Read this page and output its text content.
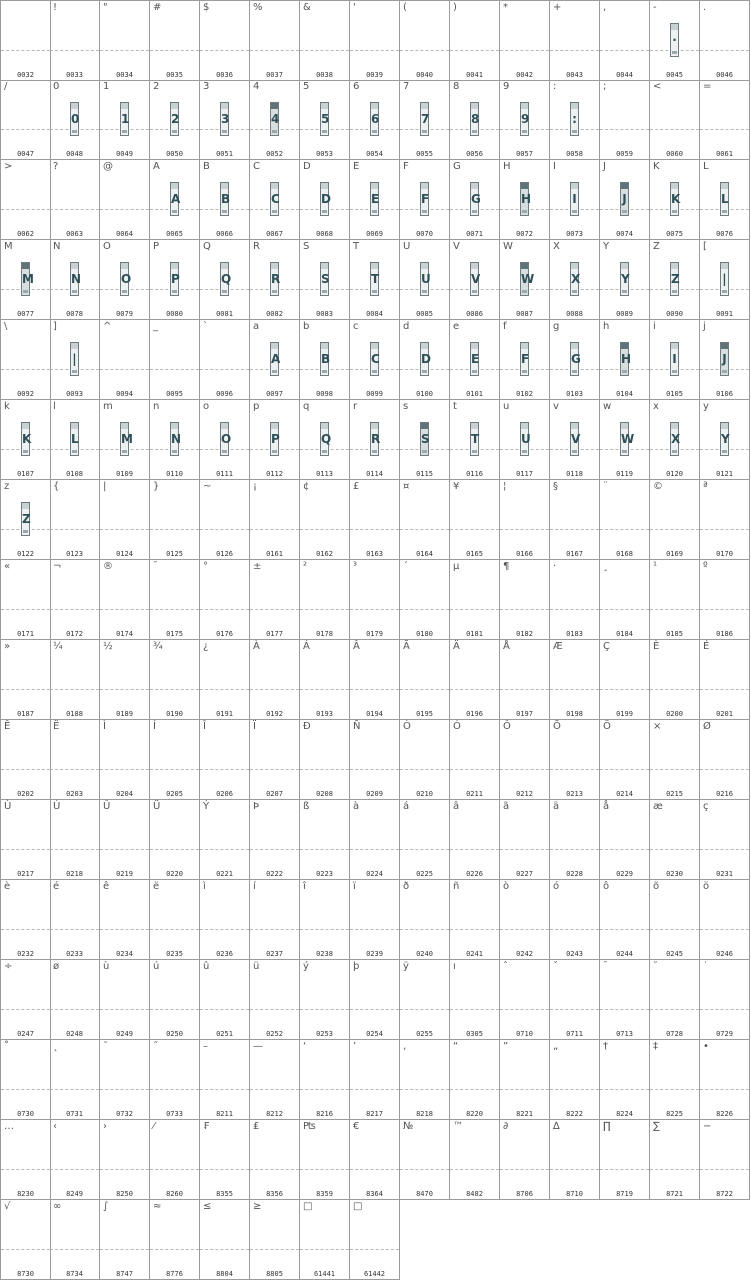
0032
!
0033
"
0034
#
0035
$
0036
%
0037
&
0038
'
0039
(
0040
)
0041
*
0042
+
0043
,
0044
-
·
0045
.
0046
/
0047
0
0
0048
1
1
0049
2
2
0050
3
3
0051
4
4
0052
5
5
0053
6
6
0054
7
7
0055
8
8
0056
9
9
0057
:
:
0058
;
0059
<
0060
=
0061
>
0062
?
0063
@
0064
A
A
0065
B
B
0066
C
C
0067
D
D
0068
E
E
0069
F
F
0070
G
G
0071
H
H
0072
I
I
0073
J
J
0074
K
K
0075
L
L
0076
M
M
0077
N
N
0078
O
O
0079
P
P
0080
Q
Q
0081
R
R
0082
S
S
0083
T
T
0084
U
U
0085
V
V
0086
W
W
0087
X
X
0088
Y
Y
0089
Z
Z
0090
[
|
0091
\
0092
]
|
0093
^
0094
_
0095
`
0096
a
A
0097
b
B
0098
c
C
0099
d
D
0100
e
E
0101
f
F
0102
g
G
0103
h
H
0104
i
I
0105
j
J
0106
k
K
0107
l
L
0108
m
M
0109
n
N
0110
o
O
0111
p
P
0112
q
Q
0113
r
R
0114
s
S
0115
t
T
0116
u
U
0117
v
V
0118
w
W
0119
x
X
0120
y
Y
0121
z
Z
0122
{
0123
|
0124
}
0125
~
0126
¡
0161
¢
0162
£
0163
¤
0164
¥
0165
¦
0166
§
0167
¨
0168
©
0169
ª
0170
«
0171
¬
0172
®
0174
¯
0175
°
0176
±
0177
²
0178
³
0179
´
0180
µ
0181
¶
0182
·
0183
¸
0184
¹
0185
º
0186
»
0187
¼
0188
½
0189
¾
0190
¿
0191
À
0192
Á
0193
Â
0194
Ã
0195
Ä
0196
Å
0197
Æ
0198
Ç
0199
È
0200
É
0201
Ê
0202
Ë
0203
Ì
0204
Í
0205
Î
0206
Ï
0207
Ð
0208
Ñ
0209
Ò
0210
Ó
0211
Ô
0212
Õ
0213
Ö
0214
×
0215
Ø
0216
Ù
0217
Ú
0218
Û
0219
Ü
0220
Ý
0221
Þ
0222
ß
0223
à
0224
á
0225
â
0226
ã
0227
ä
0228
å
0229
æ
0230
ç
0231
è
0232
é
0233
ê
0234
ë
0235
ì
0236
í
0237
î
0238
ï
0239
ð
0240
ñ
0241
ò
0242
ó
0243
ô
0244
õ
0245
ö
0246
÷
0247
ø
0248
ù
0249
ú
0250
û
0251
ü
0252
ý
0253
þ
0254
ÿ
0255
ı
0305
ˆ
0710
ˇ
0711
ˉ
0713
˘
0728
˙
0729
˚
0730
˛
0731
˜
0732
˝
0733
–
8211
—
8212
‘
8216
’
8217
‚
8218
“
8220
”
8221
„
8222
†
8224
‡
8225
•
8226
…
8230
‹
8249
›
8250
⁄
8260
₣
8355
₤
8356
₧
8359
€
8364
№
8470
™
8482
∂
8706
∆
8710
∏
8719
∑
8721
−
8722
√
8730
∞
8734
∫
8747
≈
8776
≤
8804
≥
8805
□
61441
□
61442
